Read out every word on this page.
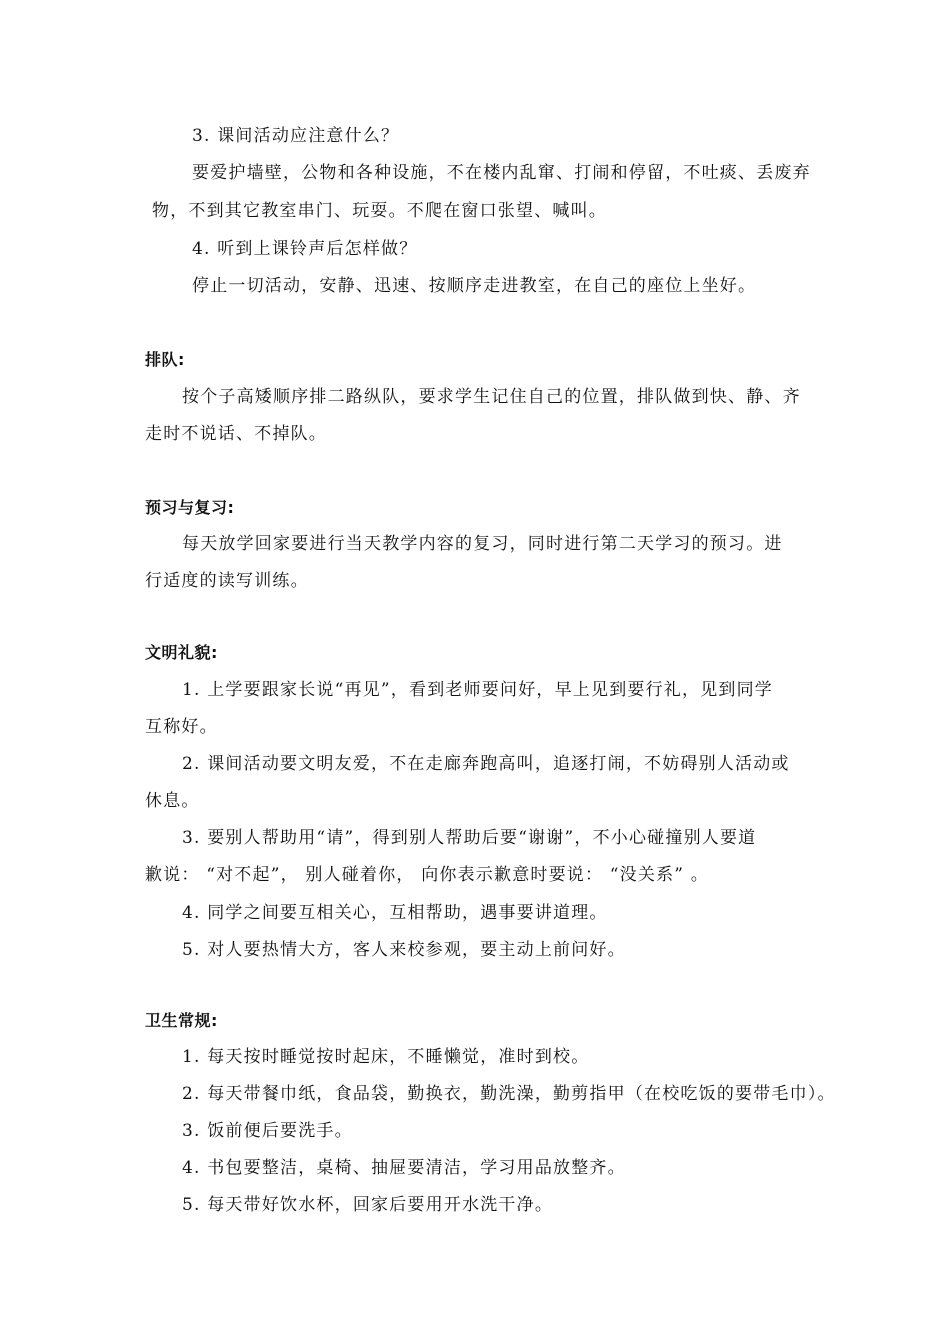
3. 课间活动应注意什么？

要爱护墙壁，公物和各种设施，不在楼内乱窜、打闹和停留，不吐痰、丢废弃

物，不到其它教室串门、玩耍。不爬在窗口张望、喊叫。

4. 听到上课铃声后怎样做？

停止一切活动，安静、迅速、按顺序走进教室，在自己的座位上坐好。

排队:

按个子高矮顺序排二路纵队，要求学生记住自己的位置，排队做到快、静、齐

走时不说话、不掉队。

预习与复习:

每天放学回家要进行当天教学内容的复习，同时进行第二天学习的预习。进

行适度的读写训练。

文明礼貌:

1. 上学要跟家长说“再见”，看到老师要问好，早上见到要行礼，见到同学

互称好。

2. 课间活动要文明友爱，不在走廊奔跑高叫，追逐打闹，不妨碍别人活动或

休息。

3. 要别人帮助用“请”，得到别人帮助后要“谢谢”，不小心碰撞别人要道

歉说： “对不起”， 别人碰着你， 向你表示歉意时要说： “没关系” 。

4. 同学之间要互相关心，互相帮助，遇事要讲道理。

5. 对人要热情大方，客人来校参观，要主动上前问好。

卫生常规:

1. 每天按时睡觉按时起床，不睡懒觉，准时到校。

2. 每天带餐巾纸，食品袋，勤换衣，勤洗澡，勤剪指甲（在校吃饭的要带毛巾）。

3. 饭前便后要洗手。

4. 书包要整洁，桌椅、抽屉要清洁，学习用品放整齐。

5. 每天带好饮水杯，回家后要用开水洗干净。
